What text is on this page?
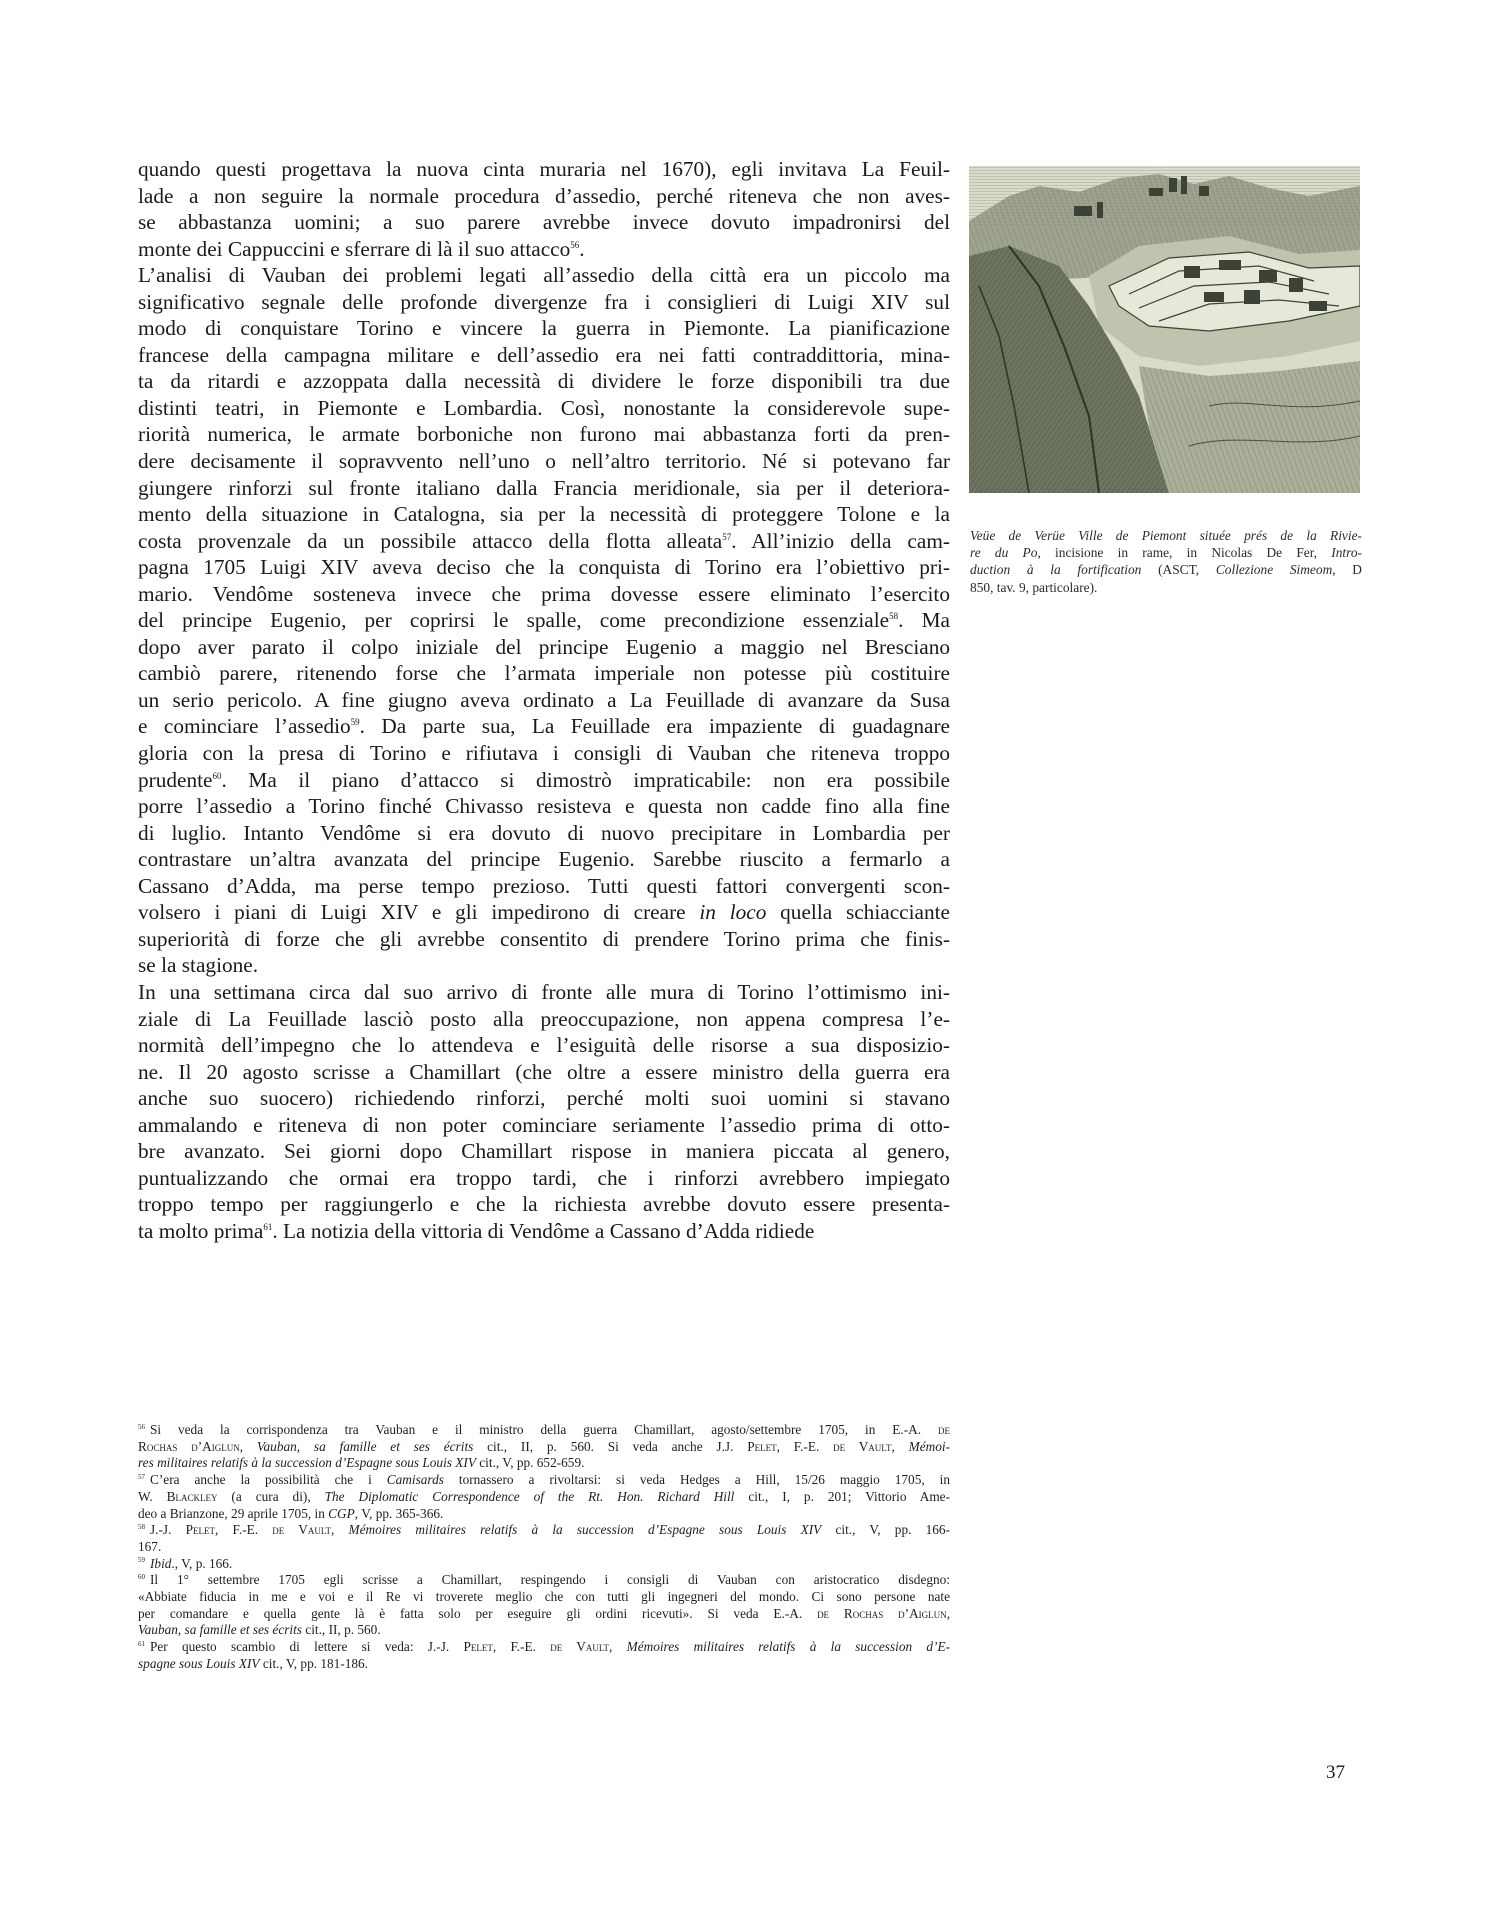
quando questi progettava la nuova cinta muraria nel 1670), egli invitava La Feuil-
lade a non seguire la normale procedura d’assedio, perché riteneva che non aves-
se abbastanza uomini; a suo parere avrebbe invece dovuto impadronirsi del
monte dei Cappuccini e sferrare di là il suo attacco$^{56}$.

L’analisi di Vauban dei problemi legati all’assedio della città era un piccolo ma
significativo segnale delle profonde divergenze fra i consiglieri di Luigi XIV sul
modo di conquistare Torino e vincere la guerra in Piemonte. La pianificazione
francese della campagna militare e dell’assedio era nei fatti contraddittoria, mina-
ta da ritardi e azzoppata dalla necessità di dividere le forze disponibili tra due
distinti teatri, in Piemonte e Lombardia. Così, nonostante la considerevole supe-
riorità numerica, le armate borboniche non furono mai abbastanza forti da pren-
dere decisamente il sopravvento nell’uno o nell’altro territorio. Né si potevano far
giungere rinforzi sul fronte italiano dalla Francia meridionale, sia per il deteriora-
mento della situazione in Catalogna, sia per la necessità di proteggere Tolone e la
costa provenzale da un possibile attacco della flotta alleata$^{57}$. All’inizio della cam-
pagna 1705 Luigi XIV aveva deciso che la conquista di Torino era l’obiettivo pri-
mario. Vendôme sosteneva invece che prima dovesse essere eliminato l’esercito
del principe Eugenio, per coprirsi le spalle, come precondizione essenziale$^{58}$. Ma
dopo aver parato il colpo iniziale del principe Eugenio a maggio nel Bresciano
cambiò parere, ritenendo forse che l’armata imperiale non potesse più costituire
un serio pericolo. A fine giugno aveva ordinato a La Feuillade di avanzare da Susa
e cominciare l’assedio$^{59}$. Da parte sua, La Feuillade era impaziente di guadagnare
gloria con la presa di Torino e rifiutava i consigli di Vauban che riteneva troppo
prudente$^{60}$. Ma il piano d’attacco si dimostrò impraticabile: non era possibile
porre l’assedio a Torino finché Chivasso resisteva e questa non cadde fino alla fine
di luglio. Intanto Vendôme si era dovuto di nuovo precipitare in Lombardia per
contrastare un’altra avanzata del principe Eugenio. Sarebbe riuscito a fermarlo a
Cassano d’Adda, ma perse tempo prezioso. Tutti questi fattori convergenti scon-
volsero i piani di Luigi XIV e gli impedirono di creare in loco quella schiacciante
superiorità di forze che gli avrebbe consentito di prendere Torino prima che finis-
se la stagione.

In una settimana circa dal suo arrivo di fronte alle mura di Torino l’ottimismo ini-
ziale di La Feuillade lasciò posto alla preoccupazione, non appena compresa l’e-
normità dell’impegno che lo attendeva e l’esiguità delle risorse a sua disposizio-
ne. Il 20 agosto scrisse a Chamillart (che oltre a essere ministro della guerra era
anche suo suocero) richiedendo rinforzi, perché molti suoi uomini si stavano
ammalando e riteneva di non poter cominciare seriamente l’assedio prima di otto-
bre avanzato. Sei giorni dopo Chamillart rispose in maniera piccata al genero,
puntualizzando che ormai era troppo tardi, che i rinforzi avrebbero impiegato
troppo tempo per raggiungerlo e che la richiesta avrebbe dovuto essere presenta-
ta molto prima$^{61}$. La notizia della vittoria di Vendôme a Cassano d’Adda ridiede

Veüe de Verüe Ville de Piemont située prés de la Rivie-
re du Po, incisione in rame, in Nicolas De Fer, Intro-
duction à la fortification (ASCT, Collezione Simeom, D
850, tav. 9, particolare).

$^{56}$ Si veda la corrispondenza tra Vauban e il ministro della guerra Chamillart, agosto/settembre 1705, in E.-A. de
Rochas d’Aiglun, Vauban, sa famille et ses écrits cit., II, p. 560. Si veda anche J.J. Pelet, F.-E. de Vault, Mémoi-
res militaires relatifs à la succession d’Espagne sous Louis XIV cit., V, pp. 652-659.

$^{57}$ C’era anche la possibilità che i Camisards tornassero a rivoltarsi: si veda Hedges a Hill, 15/26 maggio 1705, in
W. Blackley (a cura di), The Diplomatic Correspondence of the Rt. Hon. Richard Hill cit., I, p. 201; Vittorio Ame-
deo a Brianzone, 29 aprile 1705, in CGP, V, pp. 365-366.

$^{58}$ J.-J. Pelet, F.-E. de Vault, Mémoires militaires relatifs à la succession d’Espagne sous Louis XIV cit., V, pp. 166-
167.

$^{59}$ Ibid., V, p. 166.

$^{60}$ Il 1° settembre 1705 egli scrisse a Chamillart, respingendo i consigli di Vauban con aristocratico disdegno:
«Abbiate fiducia in me e voi e il Re vi troverete meglio che con tutti gli ingegneri del mondo. Ci sono persone nate
per comandare e quella gente là è fatta solo per eseguire gli ordini ricevuti». Si veda E.-A. de Rochas d’Aiglun,
Vauban, sa famille et ses écrits cit., II, p. 560.

$^{61}$ Per questo scambio di lettere si veda: J.-J. Pelet, F.-E. de Vault, Mémoires militaires relatifs à la succession d’E-
spagne sous Louis XIV cit., V, pp. 181-186.

37
